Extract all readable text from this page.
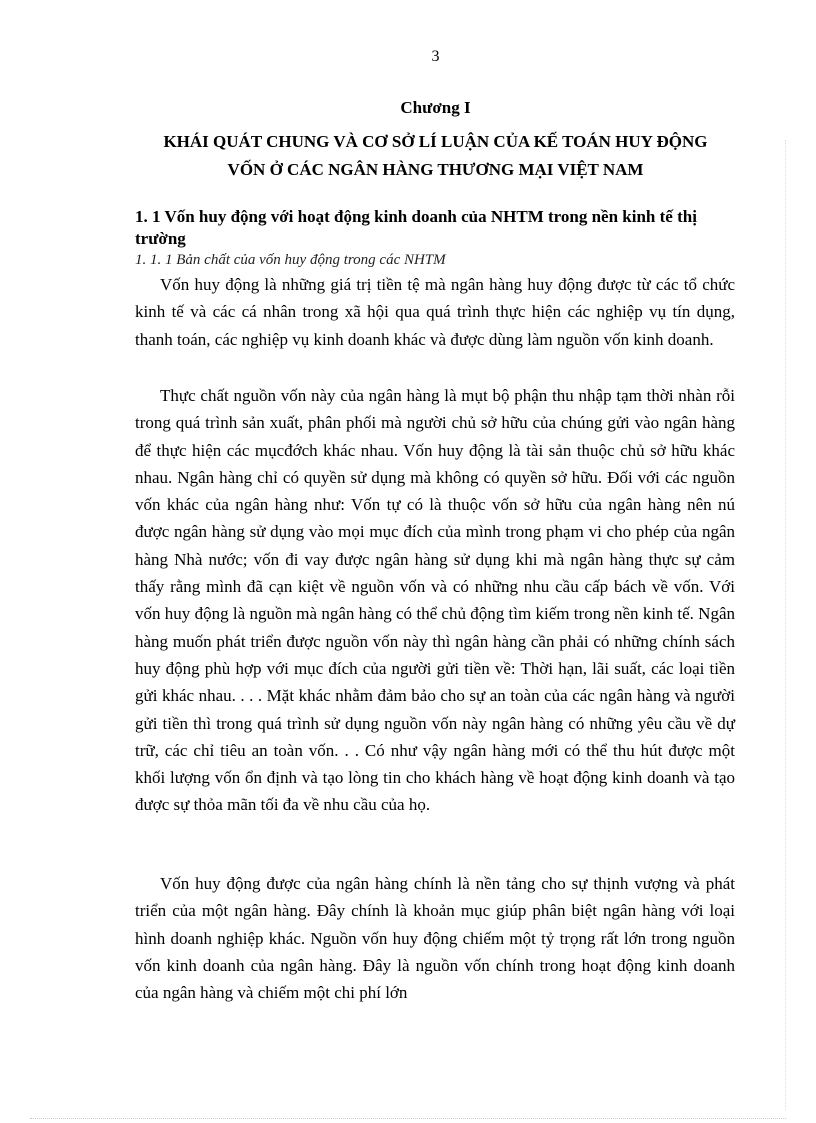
3
Chương I
KHÁI QUÁT CHUNG VÀ CƠ SỞ LÍ LUẬN CỦA KẾ TOÁN HUY ĐỘNG VỐN Ở CÁC NGÂN HÀNG THƯƠNG MẠI VIỆT NAM
1. 1 Vốn huy động với hoạt động kinh doanh của NHTM trong nền kinh tế thị trường
1. 1. 1 Bản chất của vốn huy động trong các NHTM

Vốn huy động là những giá trị tiền tệ mà ngân hàng huy động được từ các tổ chức kinh tế và các cá nhân trong xã hội qua quá trình thực hiện các nghiệp vụ tín dụng, thanh toán, các nghiệp vụ kinh doanh khác và được dùng làm nguồn vốn kinh doanh.

Thực chất nguồn vốn này của ngân hàng là mụt bộ phận thu nhập tạm thời nhàn rỗi trong quá trình sản xuất, phân phối mà người chủ sở hữu của chúng gửi vào ngân hàng để thực hiện các mụcđớch khác nhau. Vốn huy động là tài sản thuộc chủ sở hữu khác nhau. Ngân hàng chỉ có quyền sử dụng mà không có quyền sở hữu. Đối với các nguồn vốn khác của ngân hàng như: Vốn tự có là thuộc vốn sở hữu của ngân hàng nên nú được ngân hàng sử dụng vào mọi mục đích của mình trong phạm vi cho phép của ngân hàng Nhà nước; vốn đi vay được ngân hàng sử dụng khi mà ngân hàng thực sự cảm thấy rằng mình đã cạn kiệt về nguồn vốn và có những nhu cầu cấp bách về vốn. Với vốn huy động là nguồn mà ngân hàng có thể chủ động tìm kiếm trong nền kinh tế. Ngân hàng muốn phát triển được nguồn vốn này thì ngân hàng cần phải có những chính sách huy động phù hợp với mục đích của người gửi tiền về: Thời hạn, lãi suất, các loại tiền gửi khác nhau. . . . Mặt khác nhằm đảm bảo cho sự an toàn của các ngân hàng và người gửi tiền thì trong quá trình sử dụng nguồn vốn này ngân hàng có những yêu cầu về dự trữ, các chỉ tiêu an toàn vốn. . . Có như vậy ngân hàng mới có thể thu hút được một khối lượng vốn ổn định và tạo lòng tin cho khách hàng về hoạt động kinh doanh và tạo được sự thỏa mãn tối đa về nhu cầu của họ.

Vốn huy động được của ngân hàng chính là nền tảng cho sự thịnh vượng và phát triển của một ngân hàng. Đây chính là khoản mục giúp phân biệt ngân hàng với loại hình doanh nghiệp khác. Nguồn vốn huy động chiếm một tỷ trọng rất lớn trong nguồn vốn kinh doanh của ngân hàng. Đây là nguồn vốn chính trong hoạt động kinh doanh của ngân hàng và chiếm một chi phí lớn
